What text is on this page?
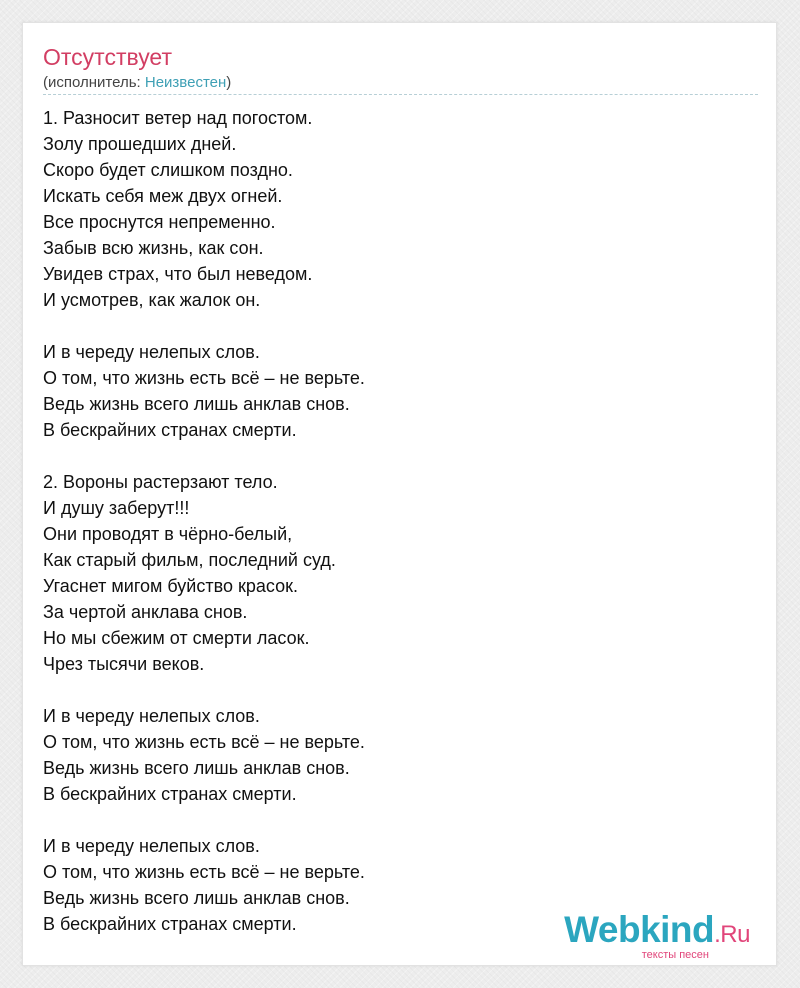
Отсутствует
(исполнитель: Неизвестен)
1. Разносит ветер над погостом.
Золу прошедших дней.
Скоро будет слишком поздно.
Искать себя меж двух огней.
Все проснутся непременно.
Забыв всю жизнь, как сон.
Увидев страх, что был неведом.
И усмотрев, как жалок он.
И в череду нелепых слов.
О том, что жизнь есть всё – не верьте.
Ведь жизнь всего лишь анклав снов.
В бескрайних странах смерти.
2. Вороны растерзают тело.
И душу заберут!!!
Они проводят в чёрно-белый,
Как старый фильм, последний суд.
Угаснет мигом буйство красок.
За чертой анклава снов.
Но мы сбежим от смерти ласок.
Чрез тысячи веков.
И в череду нелепых слов.
О том, что жизнь есть всё – не верьте.
Ведь жизнь всего лишь анклав снов.
В бескрайних странах смерти.
И в череду нелепых слов.
О том, что жизнь есть всё – не верьте.
Ведь жизнь всего лишь анклав снов.
В бескрайних странах смерти.	Webkind.Ru
тексты песен
